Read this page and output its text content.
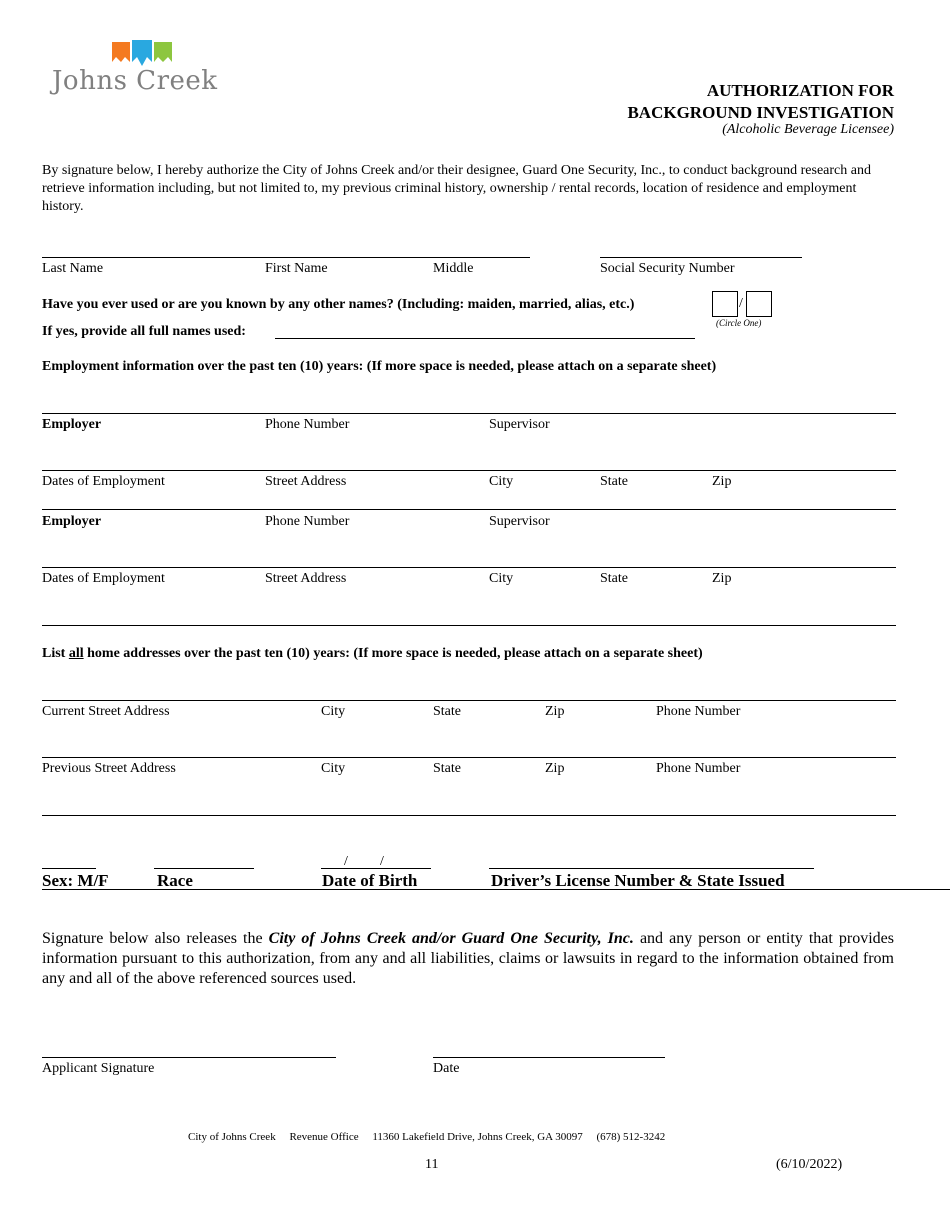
Johns Creek	AUTHORIZATION FOR
BACKGROUND INVESTIGATION
(Alcoholic Beverage Licensee)
By signature below, I hereby authorize the City of Johns Creek and/or their designee, Guard One Security, Inc., to conduct background research and retrieve information including, but not limited to, my previous criminal history, ownership / rental records, location of residence and employment history.
Last Name	First Name	Middle	Social Security Number
Have you ever used or are you known by any other names? (Including: maiden, married, alias, etc.)	/
(Circle One)
If yes, provide all full names used:
Employment information over the past ten (10) years: (If more space is needed, please attach on a separate sheet)
Employer	Phone Number	Supervisor
Dates of Employment	Street Address	City	State	Zip
Employer	Phone Number	Supervisor
Dates of Employment	Street Address	City	State	Zip
List all home addresses over the past ten (10) years: (If more space is needed, please attach on a separate sheet)
Current Street Address	City	State	Zip	Phone Number
Previous Street Address	City	State	Zip	Phone Number
/ /
Sex: M/F	Race	Date of Birth	Driver’s License Number & State Issued
Signature below also releases the City of Johns Creek and/or Guard One Security, Inc. and any person or entity that provides information pursuant to this authorization, from any and all liabilities, claims or lawsuits in regard to the information obtained from any and all of the above referenced sources used.
Applicant Signature	Date
City of Johns Creek Revenue Office 11360 Lakefield Drive, Johns Creek, GA 30097 (678) 512-3242
11	(6/10/2022)
